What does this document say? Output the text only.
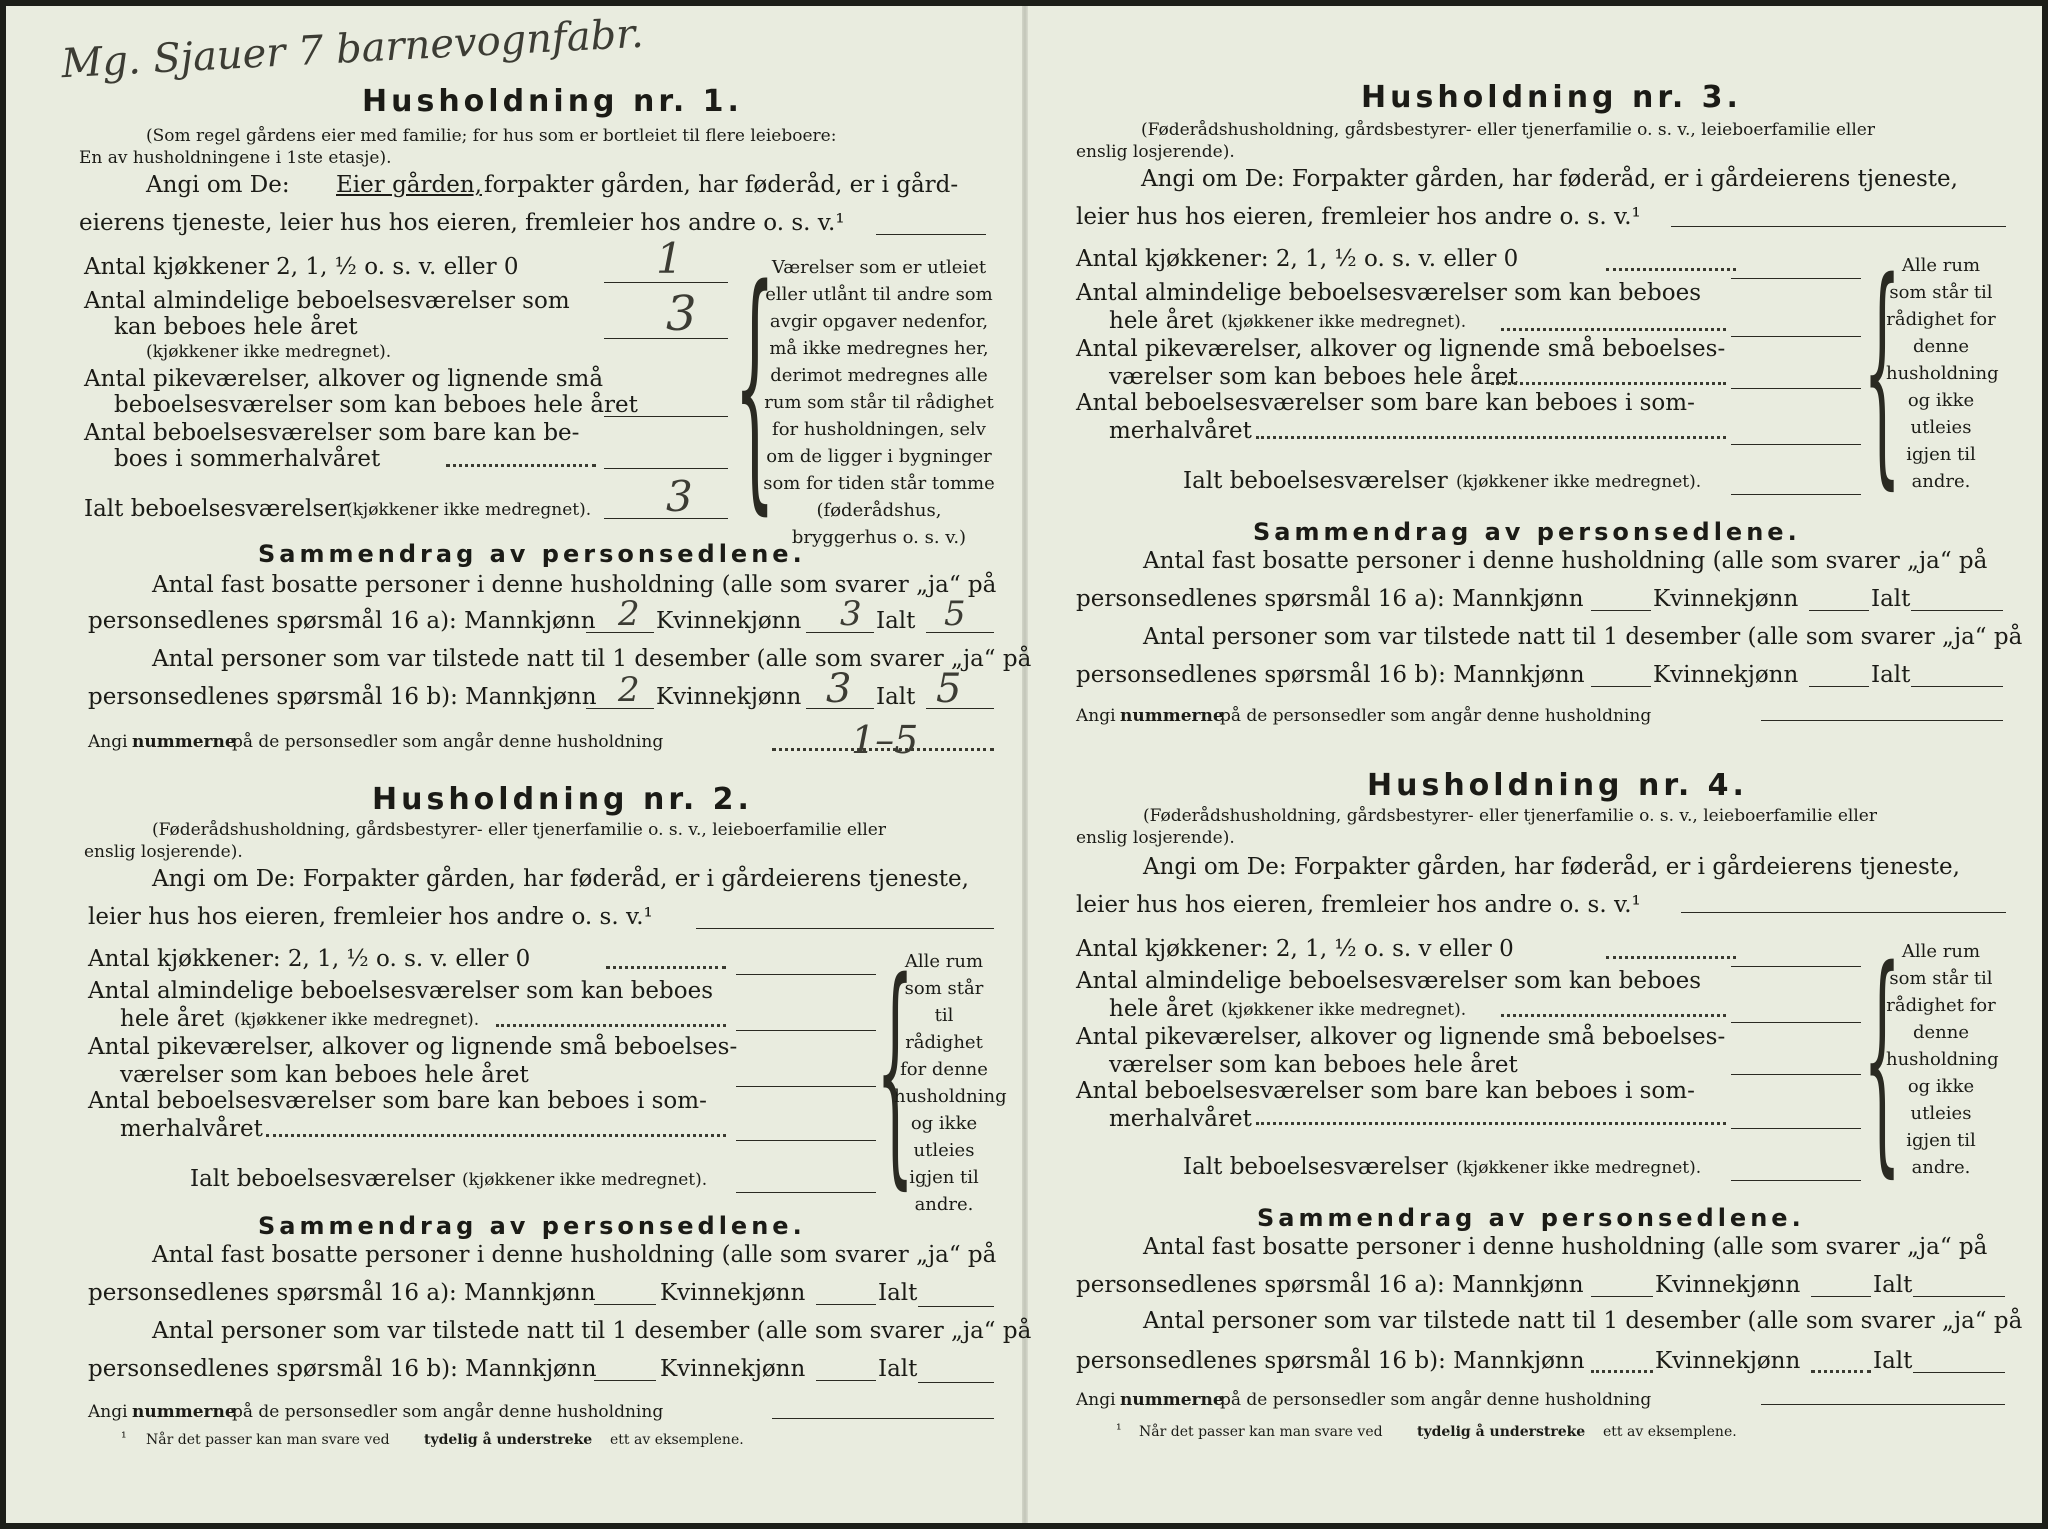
Mg. Sjauer 7 barnevognfabr.
Husholdning nr. 1.
(Som regel gårdens eier med familie; for hus som er bortleiet til flere leieboere:
En av husholdningene i 1ste etasje).
Angi om De: Eier gården, forpakter gården, har føderåd, er i gård-
eierens tjeneste, leier hus hos eieren, fremleier hos andre o. s. v.¹
Antal kjøkkener 2, 1, ½ o. s. v. eller 0	1
Antal almindelige beboelsesværelser som
kan beboes hele året
(kjøkkener ikke medregnet).
3
Antal pikeværelser, alkover og lignende små
beboelsesværelser som kan beboes hele året
Antal beboelsesværelser som bare kan be-
boes i sommerhalvåret
Ialt beboelsesværelser
(kjøkkener ikke medregnet). 3 {
Værelser som er utleiet eller utlånt til andre som avgir opgaver nedenfor, må ikke medregnes her, derimot medregnes alle rum som står til rådighet for husholdningen, selv om de ligger i bygninger som for tiden står tomme (føderådshus, bryggerhus o. s. v.)
Sammendrag av personsedlene.
Antal fast bosatte personer i denne husholdning (alle som svarer „ja“ på
personsedlenes spørsmål 16 a): Mannkjønn 2 Kvinnekjønn 3 Ialt 5
Antal personer som var tilstede natt til 1 desember (alle som svarer „ja“ på
personsedlenes spørsmål 16 b): Mannkjønn 2 Kvinnekjønn 3 Ialt 5
Angi nummerne
på de personsedler som angår denne husholdning	1–5
Husholdning nr. 2.
(Føderådshusholdning, gårdsbestyrer- eller tjenerfamilie o. s. v., leieboerfamilie eller
enslig losjerende).
Angi om De: Forpakter gården, har føderåd, er i gårdeierens tjeneste,
leier hus hos eieren, fremleier hos andre o. s. v.¹
Antal kjøkkener: 2, 1, ½ o. s. v. eller 0
Antal almindelige beboelsesværelser som kan beboes
hele året (kjøkkener ikke medregnet).
Antal pikeværelser, alkover og lignende små beboelses-
værelser som kan beboes hele året
Antal beboelsesværelser som bare kan beboes i som-
merhalvåret
Ialt beboelsesværelser (kjøkkener ikke medregnet). {
Alle rum som står til rådighet for denne husholdning og ikke utleies igjen til andre.
Sammendrag av personsedlene.
Antal fast bosatte personer i denne husholdning (alle som svarer „ja“ på
personsedlenes spørsmål 16 a): Mannkjønn	Kvinnekjønn	Ialt
Antal personer som var tilstede natt til 1 desember (alle som svarer „ja“ på
personsedlenes spørsmål 16 b): Mannkjønn	Kvinnekjønn	Ialt
Angi nummerne
på de personsedler som angår denne husholdning
¹ Når det passer kan man svare ved tydelig å understreke ett av eksemplene.
Husholdning nr. 3.
(Føderådshusholdning, gårdsbestyrer- eller tjenerfamilie o. s. v., leieboerfamilie eller
enslig losjerende).
Angi om De: Forpakter gården, har føderåd, er i gårdeierens tjeneste,
leier hus hos eieren, fremleier hos andre o. s. v.¹
Antal kjøkkener: 2, 1, ½ o. s. v. eller 0
Antal almindelige beboelsesværelser som kan beboes
hele året (kjøkkener ikke medregnet).
Antal pikeværelser, alkover og lignende små beboelses-
værelser som kan beboes hele året
Antal beboelsesværelser som bare kan beboes i som-
merhalvåret
Ialt beboelsesværelser (kjøkkener ikke medregnet). { Alle rum som står til rådighet for denne husholdning og ikke utleies igjen til andre.
Sammendrag av personsedlene.
Antal fast bosatte personer i denne husholdning (alle som svarer „ja“ på
personsedlenes spørsmål 16 a): Mannkjønn	Kvinnekjønn	Ialt
Antal personer som var tilstede natt til 1 desember (alle som svarer „ja“ på
personsedlenes spørsmål 16 b): Mannkjønn	Kvinnekjønn	Ialt
Angi nummerne
på de personsedler som angår denne husholdning
Husholdning nr. 4.
(Føderådshusholdning, gårdsbestyrer- eller tjenerfamilie o. s. v., leieboerfamilie eller
enslig losjerende).
Angi om De: Forpakter gården, har føderåd, er i gårdeierens tjeneste,
leier hus hos eieren, fremleier hos andre o. s. v.¹
Antal kjøkkener: 2, 1, ½ o. s. v eller 0
Antal almindelige beboelsesværelser som kan beboes
hele året (kjøkkener ikke medregnet).
Antal pikeværelser, alkover og lignende små beboelses-
værelser som kan beboes hele året
Antal beboelsesværelser som bare kan beboes i som-
merhalvåret
Ialt beboelsesværelser (kjøkkener ikke medregnet). { Alle rum som står til rådighet for denne husholdning og ikke utleies igjen til andre.
Sammendrag av personsedlene.
Antal fast bosatte personer i denne husholdning (alle som svarer „ja“ på
personsedlenes spørsmål 16 a): Mannkjønn	Kvinnekjønn	Ialt
Antal personer som var tilstede natt til 1 desember (alle som svarer „ja“ på
personsedlenes spørsmål 16 b): Mannkjønn	Kvinnekjønn	Ialt
Angi nummerne
på de personsedler som angår denne husholdning
¹ Når det passer kan man svare ved tydelig å understreke ett av eksemplene.
